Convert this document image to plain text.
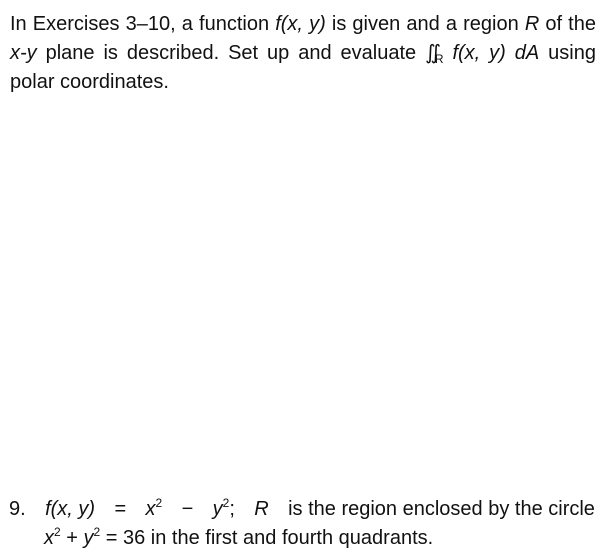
In Exercises 3–10, a function f(x, y) is given and a region R of the x-y plane is described. Set up and evaluate $∬_R$ f(x, y) dA using polar coordinates.
9. f(x, $y) = x^2 - y^2$; R is the region enclosed by the circle
$x^2 + y^2 = 36$ in the first and fourth quadrants.
